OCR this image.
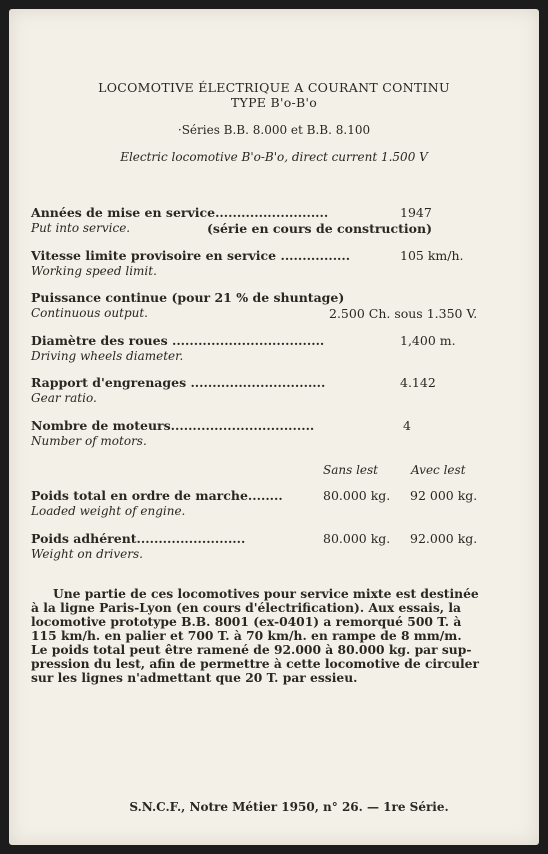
LOCOMOTIVE ÉLECTRIQUE A COURANT CONTINU
TYPE B'o-B'o
·Séries B.B. 8.000 et B.B. 8.100
Electric locomotive B'o-B'o, direct current 1.500 V
Années de mise en service..........................	1947
Put into service.	(série en cours de construction)
Vitesse limite provisoire en service ................	105 km/h.
Working speed limit.
Puissance continue (pour 21 % de shuntage)
Continuous output.	2.500 Ch. sous 1.350 V.
Diamètre des roues ...................................	1,400 m.
Driving wheels diameter.
Rapport d'engrenages ...............................	4.142
Gear ratio.
Nombre de moteurs.................................	4
Number of motors.
Sans lest	Avec lest
Poids total en ordre de marche........	80.000 kg. 92 000 kg.
Loaded weight of engine.
Poids adhérent.........................	80.000 kg. 92.000 kg.
Weight on drivers.
Une partie de ces locomotives pour service mixte est destinée
à la ligne Paris-Lyon (en cours d'électrification). Aux essais, la
locomotive prototype B.B. 8001 (ex-0401) a remorqué 500 T. à
115 km/h. en palier et 700 T. à 70 km/h. en rampe de 8 mm/m.
Le poids total peut être ramené de 92.000 à 80.000 kg. par sup-
pression du lest, afin de permettre à cette locomotive de circuler
sur les lignes n'admettant que 20 T. par essieu.
S.N.C.F., Notre Métier 1950, n° 26. — 1re Série.
